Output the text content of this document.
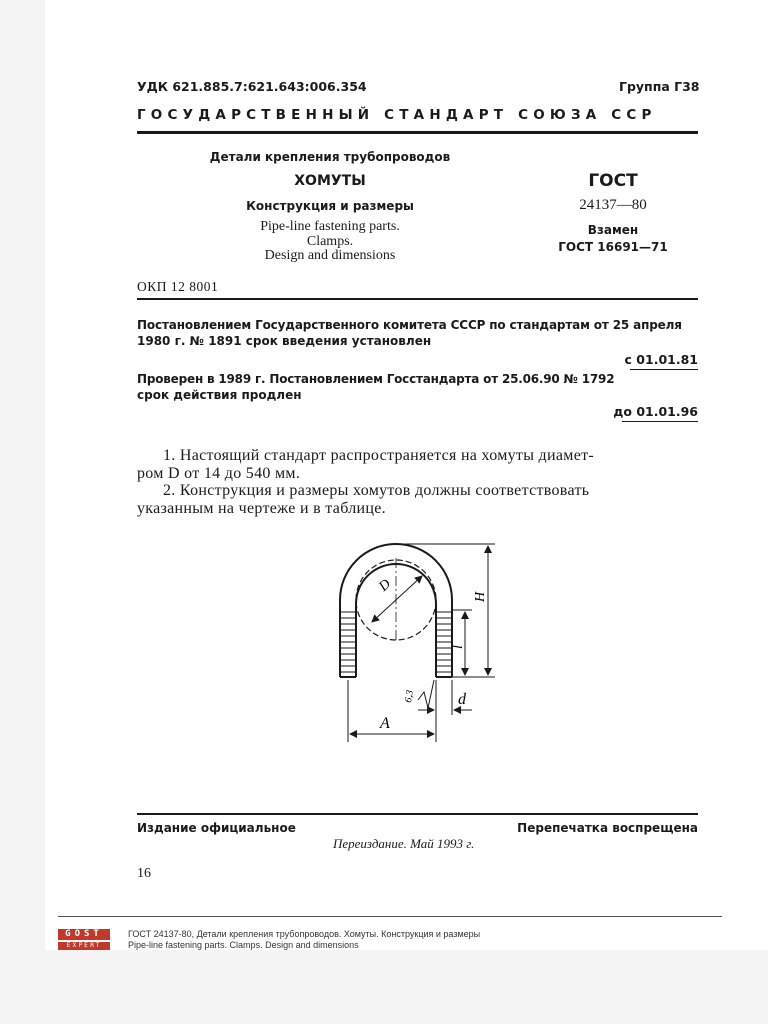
УДК 621.885.7:621.643:006.354	Группа Г38
ГОСУДАРСТВЕННЫЙ СТАНДАРТ СОЮЗА ССР
Детали крепления трубопроводов
ХОМУТЫ
Конструкция и размеры
Pipe-line fastening parts.
Clamps.
Design and dimensions
ГОСТ
24137—80
Взамен
ГОСТ 16691—71
ОКП 12 8001
Постановлением Государственного комитета СССР по стандартам от 25 апреля
1980 г. № 1891 срок введения установлен
с 01.01.81
Проверен в 1989 г. Постановлением Госстандарта от 25.06.90 № 1792
срок действия продлен
до 01.01.96
1. Настоящий стандарт распространяется на хомуты диамет-
ром D от 14 до 540 мм.
2. Конструкция и размеры хомутов должны соответствовать
указанным на чертеже и в таблице.
D
H
l
d
A
6,3
Издание официальное	Перепечатка воспрещена
Переиздание. Май 1993 г.
16
GOST
EXPERT
ГОСТ 24137-80, Детали крепления трубопроводов. Хомуты. Конструкция и размеры
Pipe-line fastening parts. Clamps. Design and dimensions
